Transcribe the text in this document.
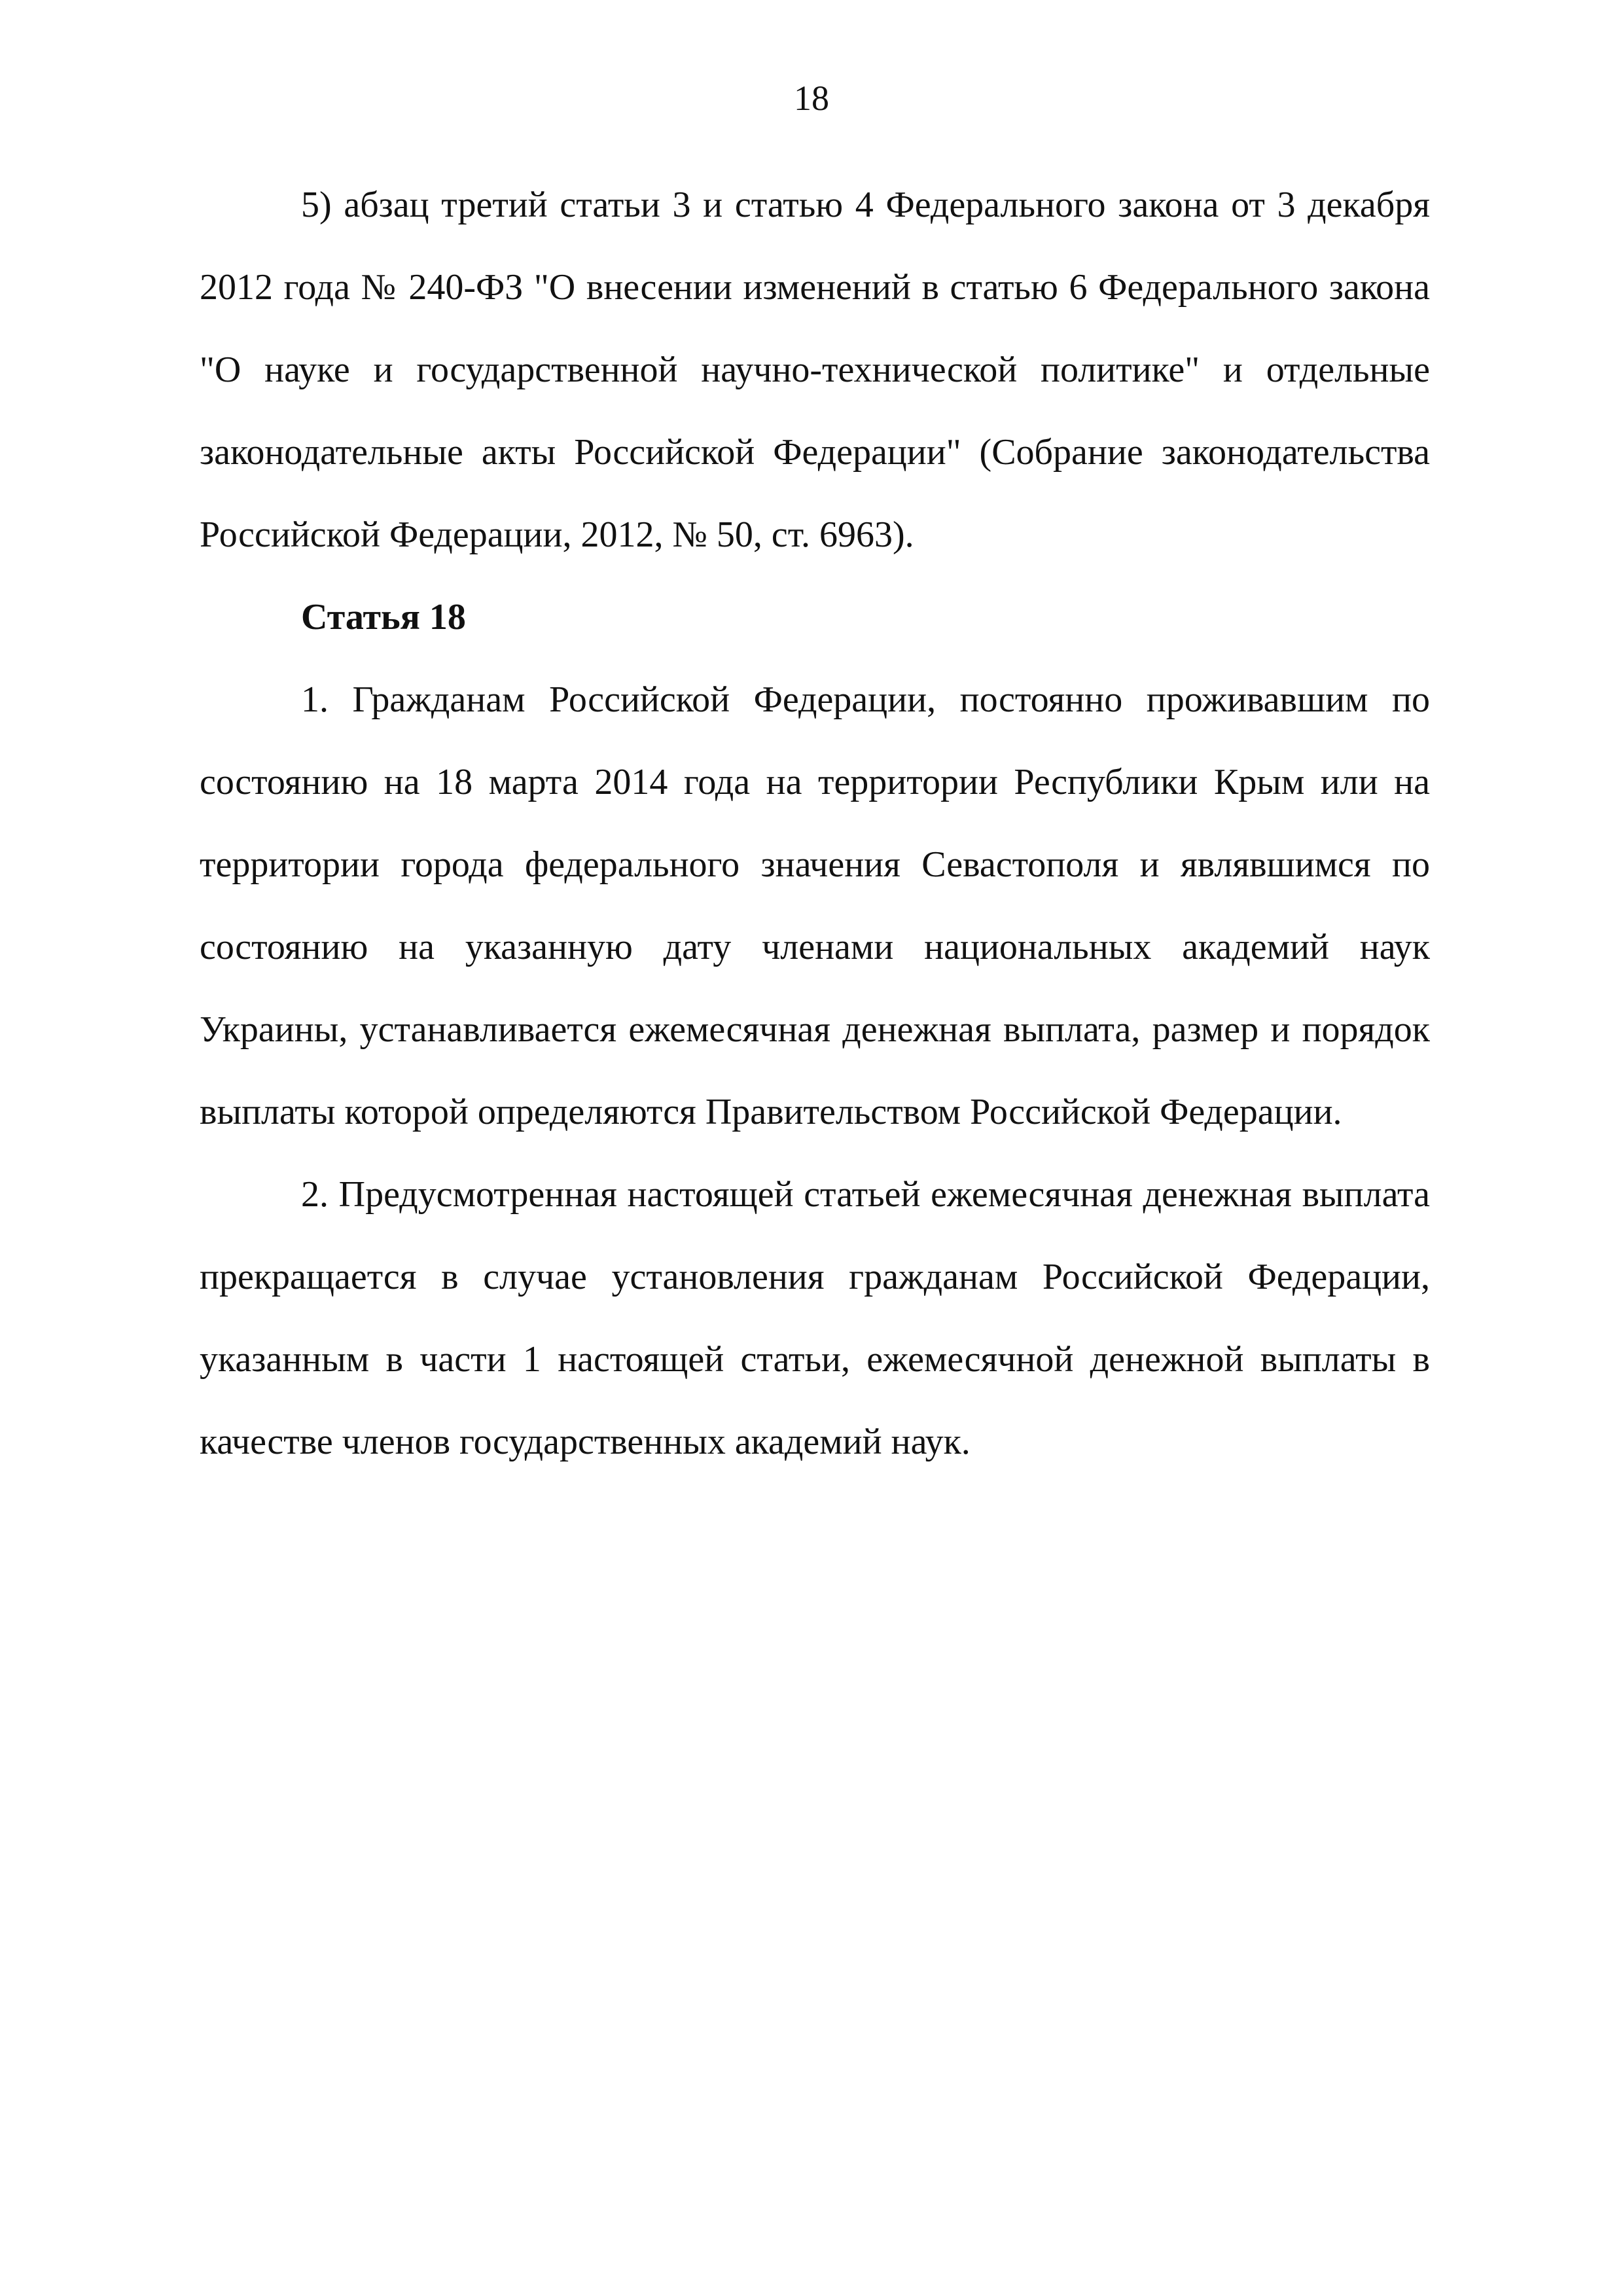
18

5) абзац третий статьи 3 и статью 4 Федерального закона от 3 декабря 2012 года № 240-ФЗ "О внесении изменений в статью 6 Федерального закона "О науке и государственной научно-технической политике" и отдельные законодательные акты Российской Федерации" (Собрание законодательства Российской Федерации, 2012, № 50, ст. 6963).

Статья 18

1. Гражданам Российской Федерации, постоянно проживавшим по состоянию на 18 марта 2014 года на территории Республики Крым или на территории города федерального значения Севастополя и являвшимся по состоянию на указанную дату членами национальных академий наук Украины, устанавливается ежемесячная денежная выплата, размер и порядок выплаты которой определяются Правительством Российской Федерации.

2. Предусмотренная настоящей статьей ежемесячная денежная выплата прекращается в случае установления гражданам Российской Федерации, указанным в части 1 настоящей статьи, ежемесячной денежной выплаты в качестве членов государственных академий наук.
